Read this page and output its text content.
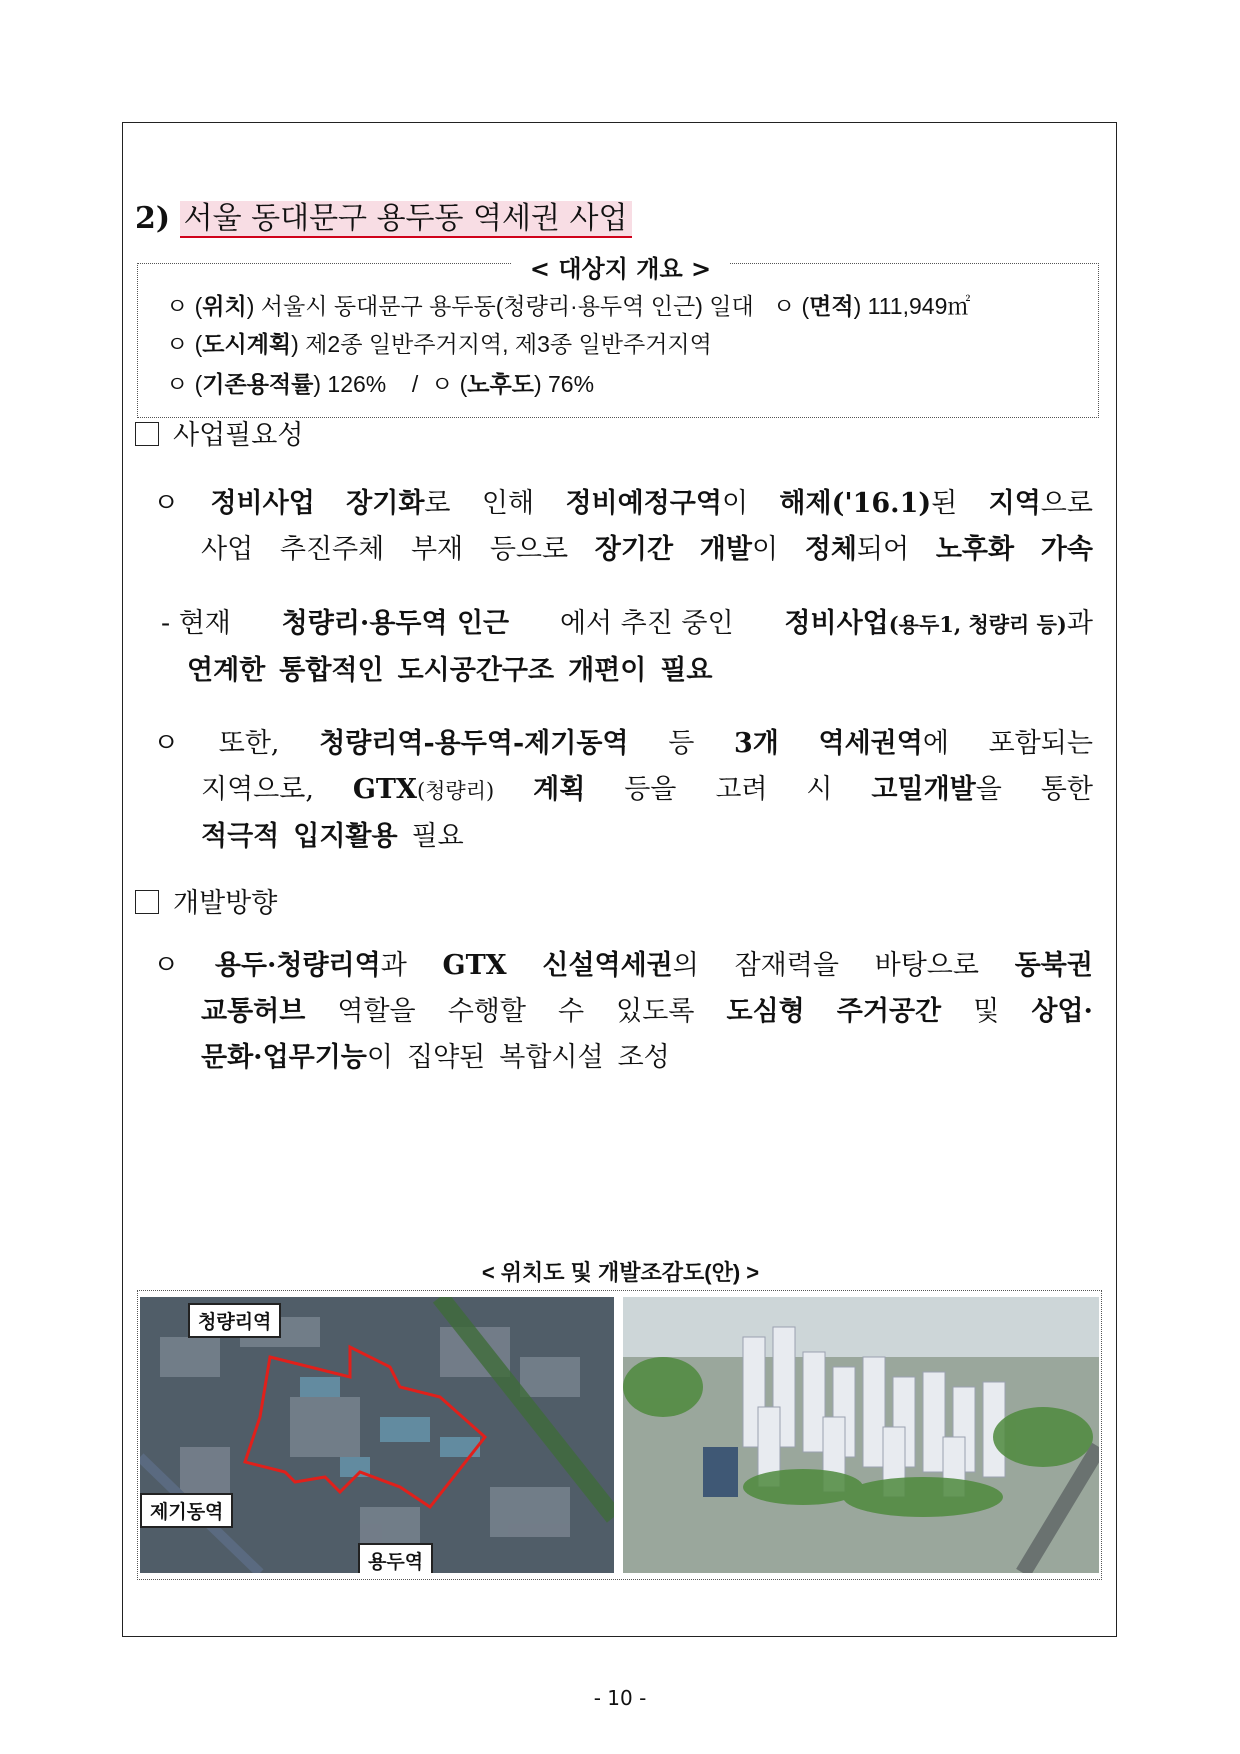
2) 서울 동대문구 용두동 역세권 사업
ㅇ (위치) 서울시 동대문구 용두동(청량리·용두역 인근) 일대 ㅇ (면적) 111,949㎡
ㅇ (도시계획) 제2종 일반주거지역, 제3종 일반주거지역
ㅇ (기존용적률) 126% / ㅇ (노후도) 76%
< 대상지 개요 >
사업필요성
ㅇ 정비사업 장기화로 인해 정비예정구역이 해제('16.1)된 지역으로
사업 추진주체 부재 등으로 장기간 개발이 정체되어 노후화 가속
- 현재 청량리·용두역 인근 에서 추진 중인 정비사업(용두1, 청량리 등)과
연계한 통합적인 도시공간구조 개편이 필요
ㅇ 또한, 청량리역-용두역-제기동역 등 3개 역세권역에 포함되는
지역으로, GTX(청량리) 계획 등을 고려 시 고밀개발을 통한
적극적 입지활용 필요
개발방향
ㅇ 용두·청량리역과 GTX 신설역세권의 잠재력을 바탕으로 동북권
교통허브 역할을 수행할 수 있도록 도심형 주거공간 및 상업·
문화·업무기능이 집약된 복합시설 조성
< 위치도 및 개발조감도(안) >
청량리역
제기동역
용두역
- 10 -
